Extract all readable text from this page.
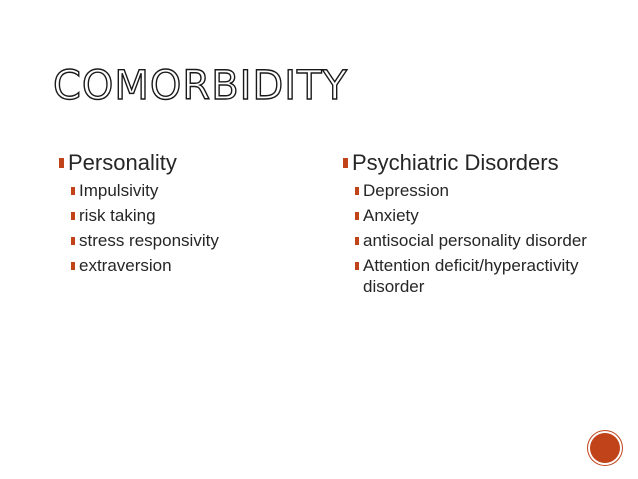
COMORBIDITY
Personality
Impulsivity
risk taking
stress responsivity
extraversion
Psychiatric Disorders
Depression
Anxiety
antisocial personality disorder
Attention deficit/hyperactivity disorder
